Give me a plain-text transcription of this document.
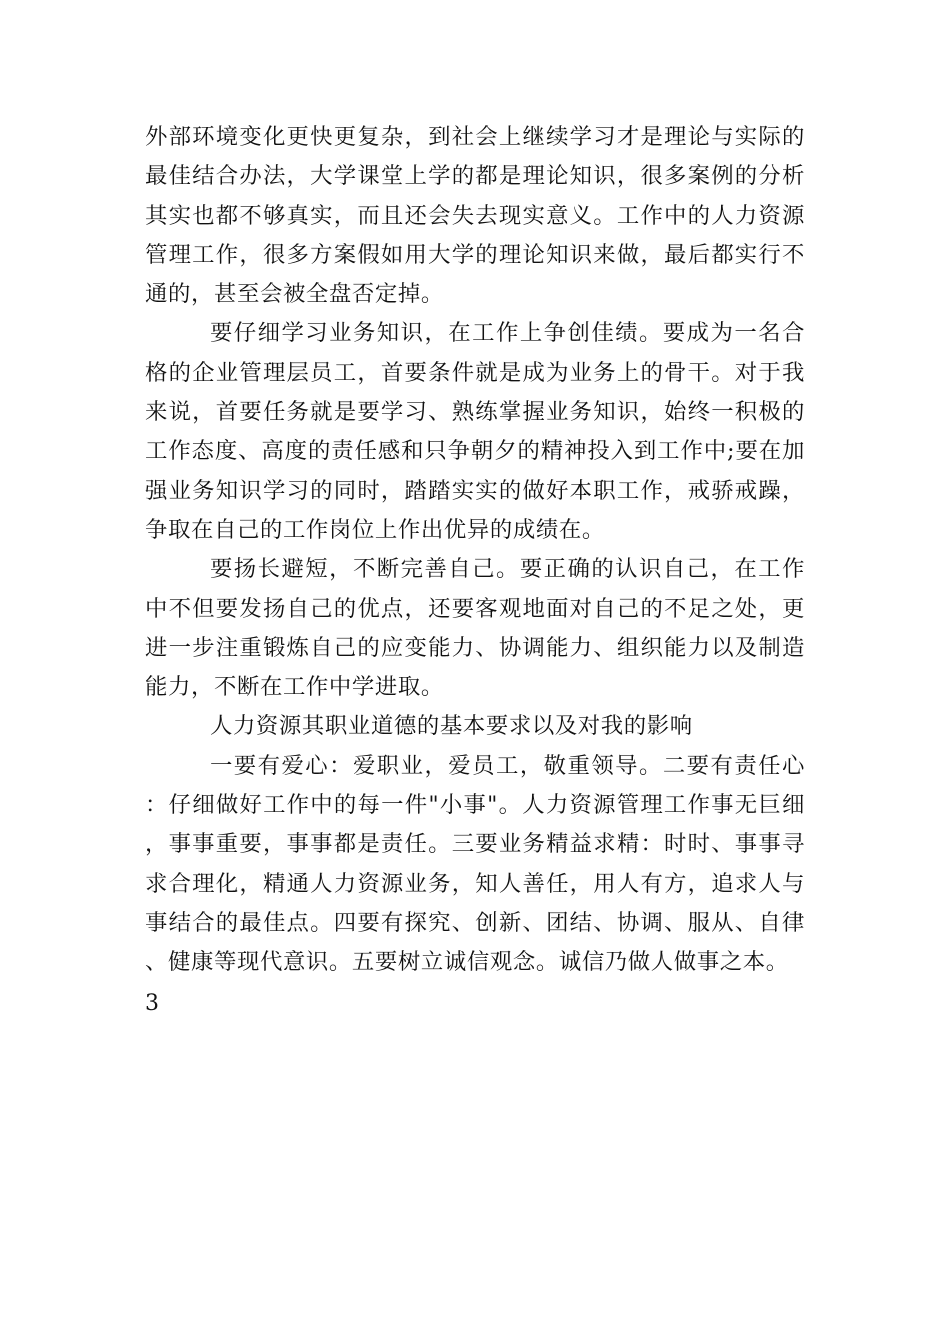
外部环境变化更快更复杂，到社会上继续学习才是理论与实际的最佳结合办法，大学课堂上学的都是理论知识，很多案例的分析其实也都不够真实，而且还会失去现实意义。工作中的人力资源管理工作，很多方案假如用大学的理论知识来做，最后都实行不通的，甚至会被全盘否定掉。

要仔细学习业务知识，在工作上争创佳绩。要成为一名合格的企业管理层员工，首要条件就是成为业务上的骨干。对于我来说，首要任务就是要学习、熟练掌握业务知识，始终一积极的工作态度、高度的责任感和只争朝夕的精神投入到工作中;要在加强业务知识学习的同时，踏踏实实的做好本职工作，戒骄戒躁，争取在自己的工作岗位上作出优异的成绩在。

要扬长避短，不断完善自己。要正确的认识自己，在工作中不但要发扬自己的优点，还要客观地面对自己的不足之处，更进一步注重锻炼自己的应变能力、协调能力、组织能力以及制造能力，不断在工作中学进取。

人力资源其职业道德的基本要求以及对我的影响

一要有爱心：爱职业，爱员工，敬重领导。二要有责任心：仔细做好工作中的每一件"小事"。人力资源管理工作事无巨细，事事重要，事事都是责任。三要业务精益求精：时时、事事寻求合理化，精通人力资源业务，知人善任，用人有方，追求人与事结合的最佳点。四要有探究、创新、团结、协调、服从、自律、健康等现代意识。五要树立诚信观念。诚信乃做人做事之本。

3
